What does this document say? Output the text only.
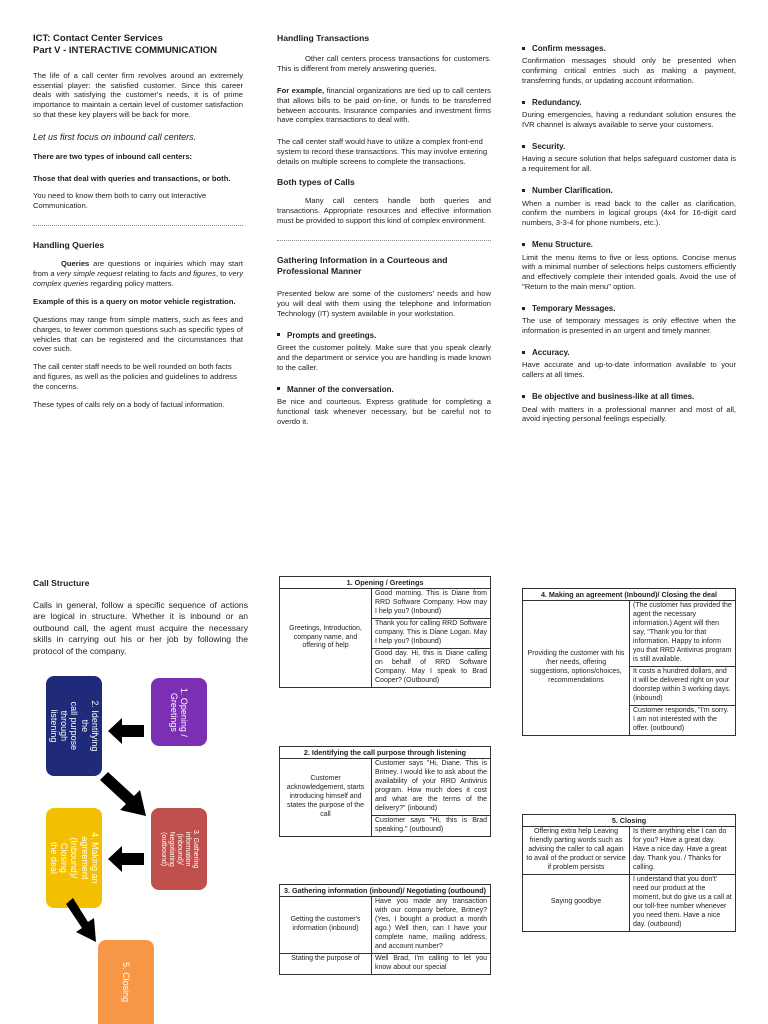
ICT: Contact Center Services
Part V - INTERACTIVE COMMUNICATION

The life of a call center firm revolves around an extremely essential player: the satisfied customer. Since this career deals with satisfying the customer's needs, it is of prime importance to maintain a certain level of customer satisfaction so that these key players will be back for more.

Let us first focus on inbound call centers.

There are two types of inbound call centers:

Those that deal with queries and transactions, or both.

You need to know them both to carry out Interactive Communication.

Handling Queries

Queries are questions or inquiries which may start from a very simple request relating to facts and figures, to very complex queries regarding policy matters.

Example of this is a query on motor vehicle registration.

Questions may range from simple matters, such as fees and charges, to fewer common questions such as specific types of vehicles that can be registered and the circumstances that cover such.

The call center staff needs to be well rounded on both facts and figures, as well as the policies and guidelines to address the concerns.

These types of calls rely on a body of factual information.

Handling Transactions

Other call centers process transactions for customers. This is different from merely answering queries.

For example, financial organizations are tied up to call centers that allows bills to be paid on-line, or funds to be transferred between accounts. Insurance companies and investment firms have complex transactions to deal with.

The call center staff would have to utilize a complex front-end system to record these transactions. This may involve entering details on multiple screens to complete the transactions.

Both types of Calls

Many call centers handle both queries and transactions. Appropriate resources and effective information must be provided to support this kind of complex environment.

Gathering Information in a Courteous and Professional Manner

Presented below are some of the customers' needs and how you will deal with them using the telephone and Information Technology (IT) system available in your workstation.

Prompts and greetings.

Greet the customer politely. Make sure that you speak clearly and the department or service you are handling is made known to the caller.

Manner of the conversation.

Be nice and courteous. Express gratitude for completing a functional task whenever necessary, but be careful not to overdo it.

Confirm messages.

Confirmation messages should only be presented when confirming critical entries such as making a payment, transferring funds, or updating account information.

Redundancy.

During emergencies, having a redundant solution ensures the IVR channel is always available to serve your customers.

Security.

Having a secure solution that helps safeguard customer data is a requirement for all.

Number Clarification.

When a number is read back to the caller as clarification, confirm the numbers in logical groups (4x4 for 16-digit card numbers, 3-3-4 for phone numbers, etc.).

Menu Structure.

Limit the menu items to five or less options. Concise menus with a minimal number of selections helps customers efficiently and effectively complete their intended goals. Avoid the use of "Return to the main menu" option.

Temporary Messages.

The use of temporary messages is only effective when the information is presented in an urgent and timely manner.

Accuracy.

Have accurate and up-to-date information available to your callers at all times.

Be objective and business-like at all times.

Deal with matters in a professional manner and most of all, avoid injecting personal feelings especially.

Call Structure
Calls in general, follow a specific sequence of actions are logical in structure. Whether it is inbound or an outbound call, the agent must acquire the necessary skills in carrying out his or her job by following the protocol of the company.
1. Opening /
Greetings
2. Identifying the
call purpose
through listening
3. Gathering
information (inbound)/
Negotiating
(outbound)
4. Making an
agreement
(Inbound)/ Closing
the deal
5. Closing
1. Opening / Greetings
Greetings, Introduction, company name, and offering of help	Good morning. This is Diane from RRD Software Company. How may I help you? (Inbound)
Thank you for calling RRD Software company. This is Diane Logan. May I help you? (Inbound)
Good day. Hi, this is Diane calling on behalf of RRD Software Company. May I speak to Brad Cooper? (Outbound)
2. Identifying the call purpose through listening
Customer acknowledgement, starts introducing himself and states the purpose of the call	Customer says "Hi, Diane. This is Britney. I would like to ask about the availability of your RRD Antivirus program. How much does it cost and what are the terms of the delivery?" (inbound)
Customer says "Hi, this is Brad speaking." (outbound)
3. Gathering information (inbound)/ Negotiating (outbound)	
Getting the customer's information (inbound)	Have you made any transaction with our company before, Britney? (Yes, I bought a product a month ago.) Well then, can I have your complete name, mailing address, and account number?
Stating the purpose of	Well Brad, I'm calling to let you know about our special
4. Making an agreement (Inbound)/ Closing the deal
Providing the customer with his /her needs, offering suggestions, options/choices, recommendations	(The customer has provided the agent the necessary information.) Agent will then say, "Thank you for that information. Happy to inform you that RRD Antivirus program is still available.
It costs a hundred dollars, and it will be delivered right on your doorstep within 3 working days. (inbound)
Customer responds, "I'm sorry. I am not interested with the offer. (outbound)
5. Closing	
Offering extra help Leaving friendly parting words such as advising the caller to call again to avail of the product or service if problem persists	Is there anything else I can do for you? Have a great day. Have a nice day. Have a great day. Thank you. / Thanks for calling.
Saying goodbye	I understand that you don't' need our product at the moment, but do give us a call at our toll-free number whenever you need them. Have a nice day. (outbound)
